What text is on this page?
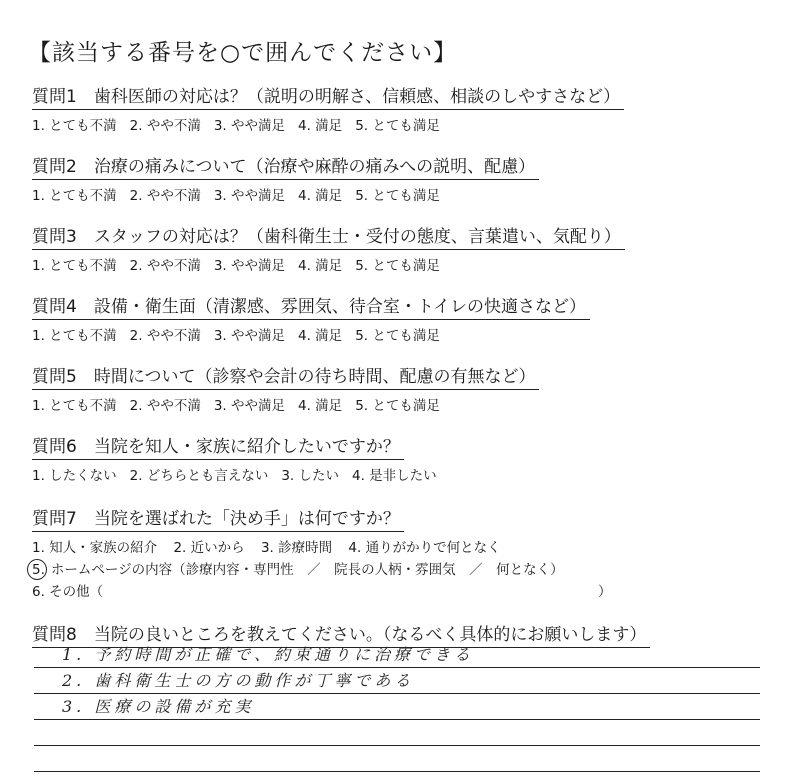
【該当する番号を○で囲んでください】
質問1　歯科医師の対応は？（説明の明解さ、信頼感、相談のしやすさなど）
1. とても不満 2. やや不満 3. やや満足 4. 満足 5. とても満足
質問2　治療の痛みについて（治療や麻酔の痛みへの説明、配慮）
1. とても不満 2. やや不満 3. やや満足 4. 満足 5. とても満足
質問3　スタッフの対応は？（歯科衛生士・受付の態度、言葉遣い、気配り）
1. とても不満 2. やや不満 3. やや満足 4. 満足 5. とても満足
質問4　設備・衛生面（清潔感、雰囲気、待合室・トイレの快適さなど）
1. とても不満 2. やや不満 3. やや満足 4. 満足 5. とても満足
質問5　時間について（診察や会計の待ち時間、配慮の有無など）
1. とても不満 2. やや不満 3. やや満足 4. 満足 5. とても満足
質問6　当院を知人・家族に紹介したいですか？
1. したくない 2. どちらとも言えない 3. したい 4. 是非したい
質問7　当院を選ばれた「決め手」は何ですか？
1. 知人・家族の紹介 2. 近いから 3. 診療時間 4. 通りがかりで何となく
5. ホームページの内容（診療内容・専門性　／　院長の人柄・雰囲気　／　何となく）
6. その他（	）
質問8　当院の良いところを教えてください。（なるべく具体的にお願いします）
1. 予約時間が正確で、約束通りに治療できる
2. 歯科衛生士の方の動作が丁寧である
3. 医療の設備が充実
